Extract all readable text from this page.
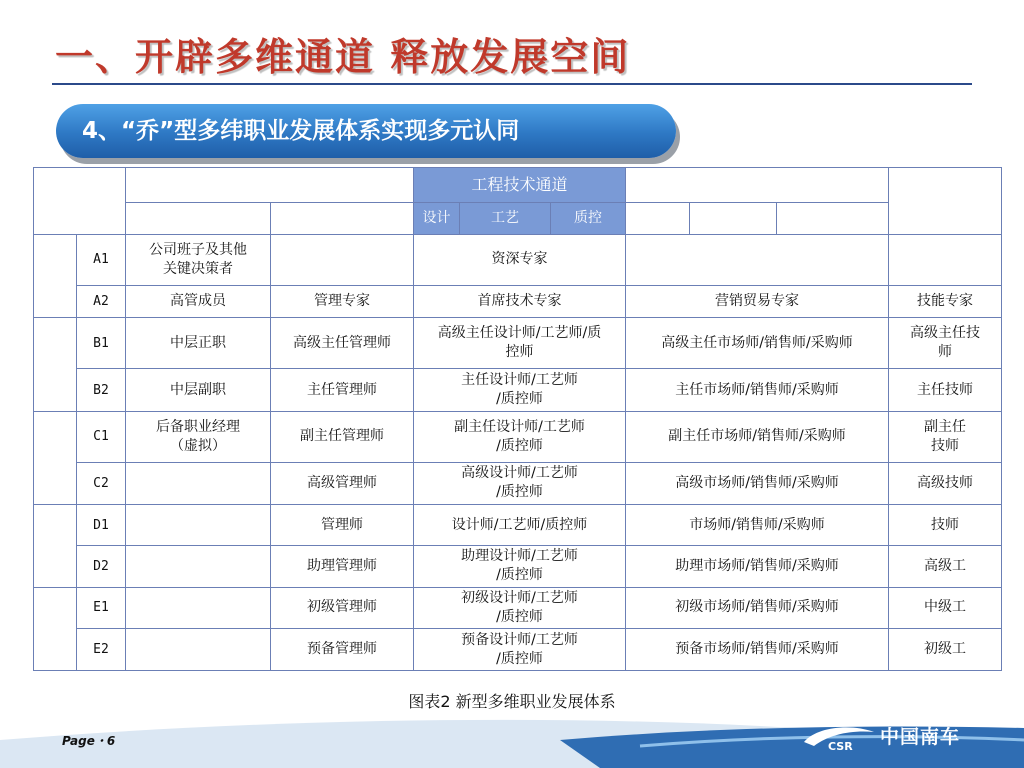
一、开辟多维通道 释放发展空间
4、“乔”型多纬职业发展体系实现多元认同
		行政管理通道		工程技术通道			营销贸易通道			能工巧匠
通道
		职业经理	专业管理	设计	工艺	质控	销售	市场	采购	
A	A1	公司班子及其他
关键决策者		资深专家						
	A2	高管成员	管理专家	首席技术专家			营销贸易专家			技能专家
B	B1	中层正职	高级主任管理师	高级主任设计师/工艺师/质
控师			高级主任市场师/销售师/采购师			高级主任技
师
	B2	中层副职	主任管理师	主任设计师/工艺师
/质控师			主任市场师/销售师/采购师			主任技师
C	C1	后备职业经理
（虚拟）	副主任管理师	副主任设计师/工艺师
/质控师			副主任市场师/销售师/采购师			副主任
技师
	C2		高级管理师	高级设计师/工艺师
/质控师			高级市场师/销售师/采购师			高级技师
D	D1		管理师	设计师/工艺师/质控师			市场师/销售师/采购师			技师
	D2		助理管理师	助理设计师/工艺师
/质控师			助理市场师/销售师/采购师			高级工
E	E1		初级管理师	初级设计师/工艺师
/质控师			初级市场师/销售师/采购师			中级工
	E2		预备管理师	预备设计师/工艺师
/质控师			预备市场师/销售师/采购师			初级工
图表2 新型多维职业发展体系
Page・6	CSR 中国南车
